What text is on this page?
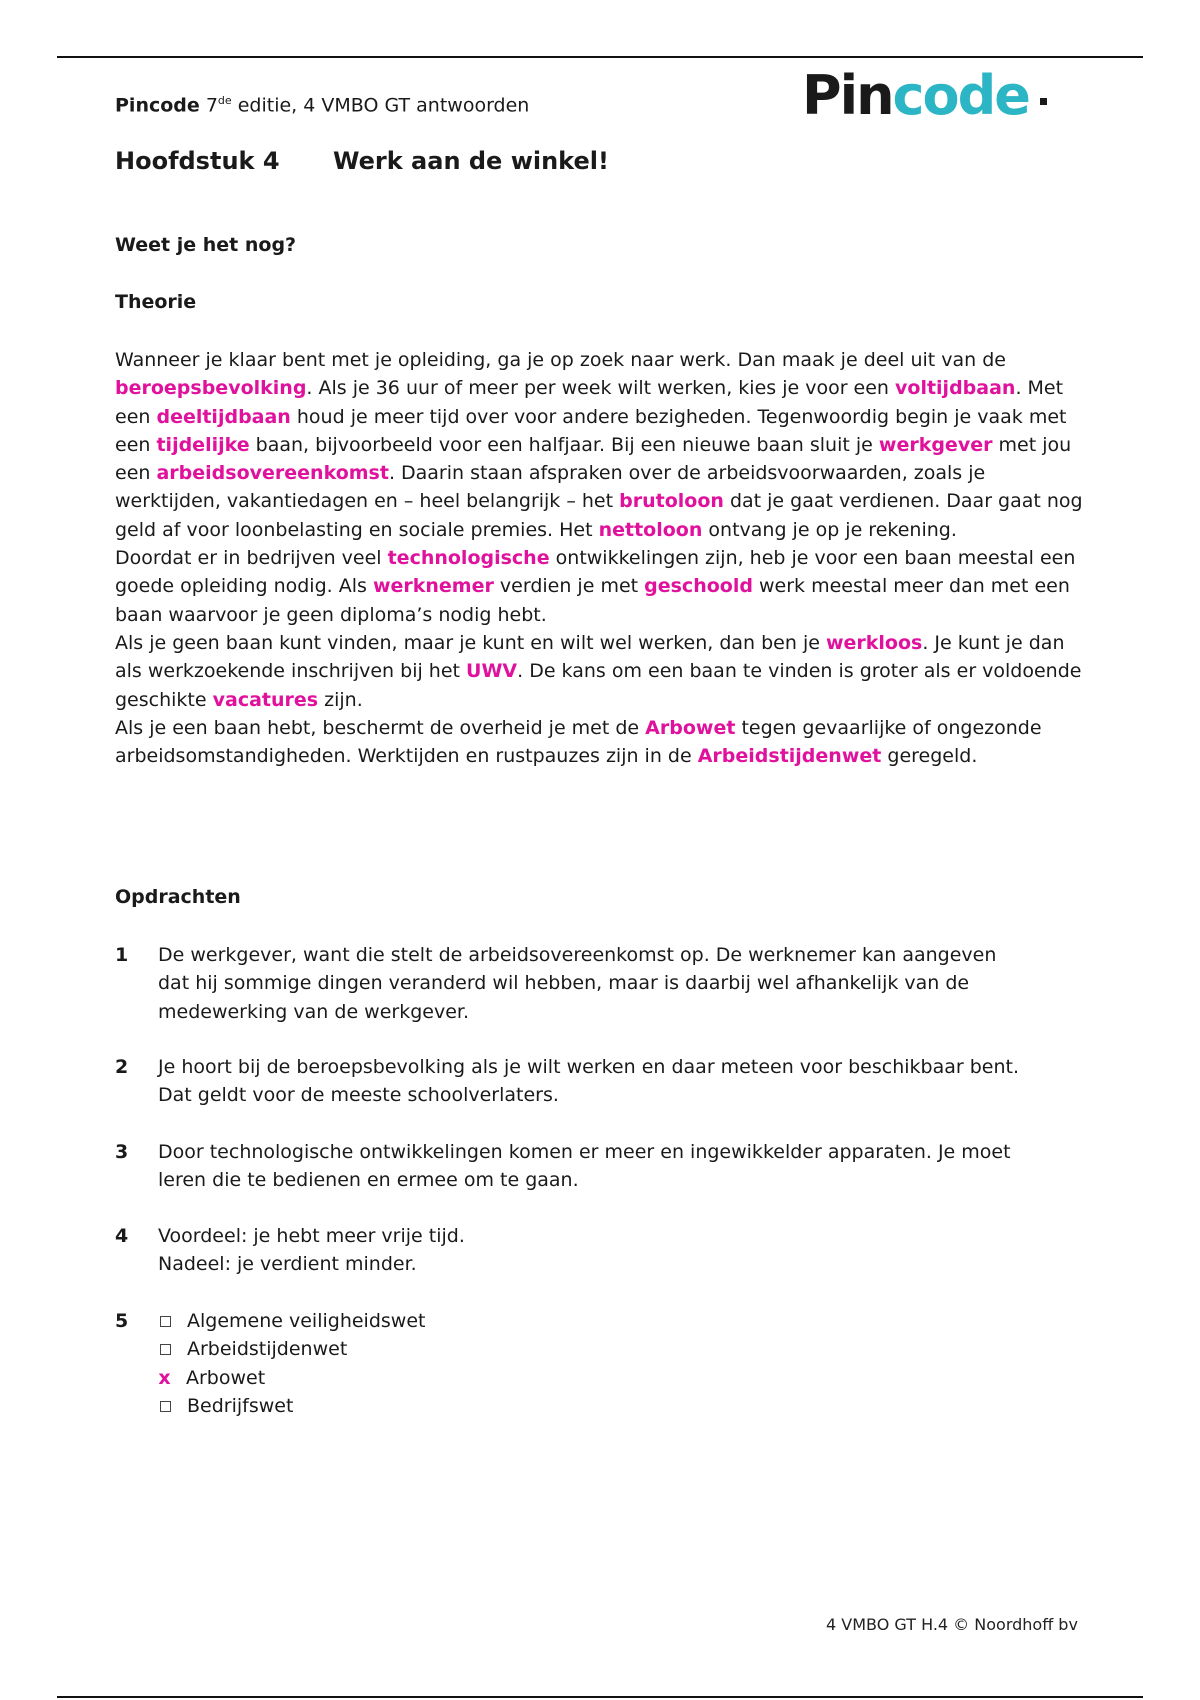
Pincode 7de editie, 4 VMBO GT antwoorden	Pincode
Hoofdstuk 4 Werk aan de winkel!
Weet je het nog?
Theorie

Wanneer je klaar bent met je opleiding, ga je op zoek naar werk. Dan maak je deel uit van de beroepsbevolking. Als je 36 uur of meer per week wilt werken, kies je voor een voltijdbaan. Met een deeltijdbaan houd je meer tijd over voor andere bezigheden. Tegenwoordig begin je vaak met een tijdelijke baan, bijvoorbeeld voor een halfjaar. Bij een nieuwe baan sluit je werkgever met jou een arbeidsovereenkomst. Daarin staan afspraken over de arbeidsvoorwaarden, zoals je werktijden, vakantiedagen en – heel belangrijk – het brutoloon dat je gaat verdienen. Daar gaat nog geld af voor loonbelasting en sociale premies. Het nettoloon ontvang je op je rekening.

Doordat er in bedrijven veel technologische ontwikkelingen zijn, heb je voor een baan meestal een goede opleiding nodig. Als werknemer verdien je met geschoold werk meestal meer dan met een baan waarvoor je geen diploma’s nodig hebt.

Als je geen baan kunt vinden, maar je kunt en wilt wel werken, dan ben je werkloos. Je kunt je dan als werkzoekende inschrijven bij het UWV. De kans om een baan te vinden is groter als er voldoende geschikte vacatures zijn.

Als je een baan hebt, beschermt de overheid je met de Arbowet tegen gevaarlijke of ongezonde arbeidsomstandigheden. Werktijden en rustpauzes zijn in de Arbeidstijdenwet geregeld.

Opdrachten
1 De werkgever, want die stelt de arbeidsovereenkomst op. De werknemer kan aangeven
dat hij sommige dingen veranderd wil hebben, maar is daarbij wel afhankelijk van de
medewerking van de werkgever.
2 Je hoort bij de beroepsbevolking als je wilt werken en daar meteen voor beschikbaar bent.
Dat geldt voor de meeste schoolverlaters.
3 Door technologische ontwikkelingen komen er meer en ingewikkelder apparaten. Je moet
leren die te bedienen en ermee om te gaan.
4 Voordeel: je hebt meer vrije tijd.
Nadeel: je verdient minder.
5	Algemene veiligheidswet
Arbeidstijdenwet
x Arbowet
Bedrijfswet
4 VMBO GT H.4 © Noordhoff bv
